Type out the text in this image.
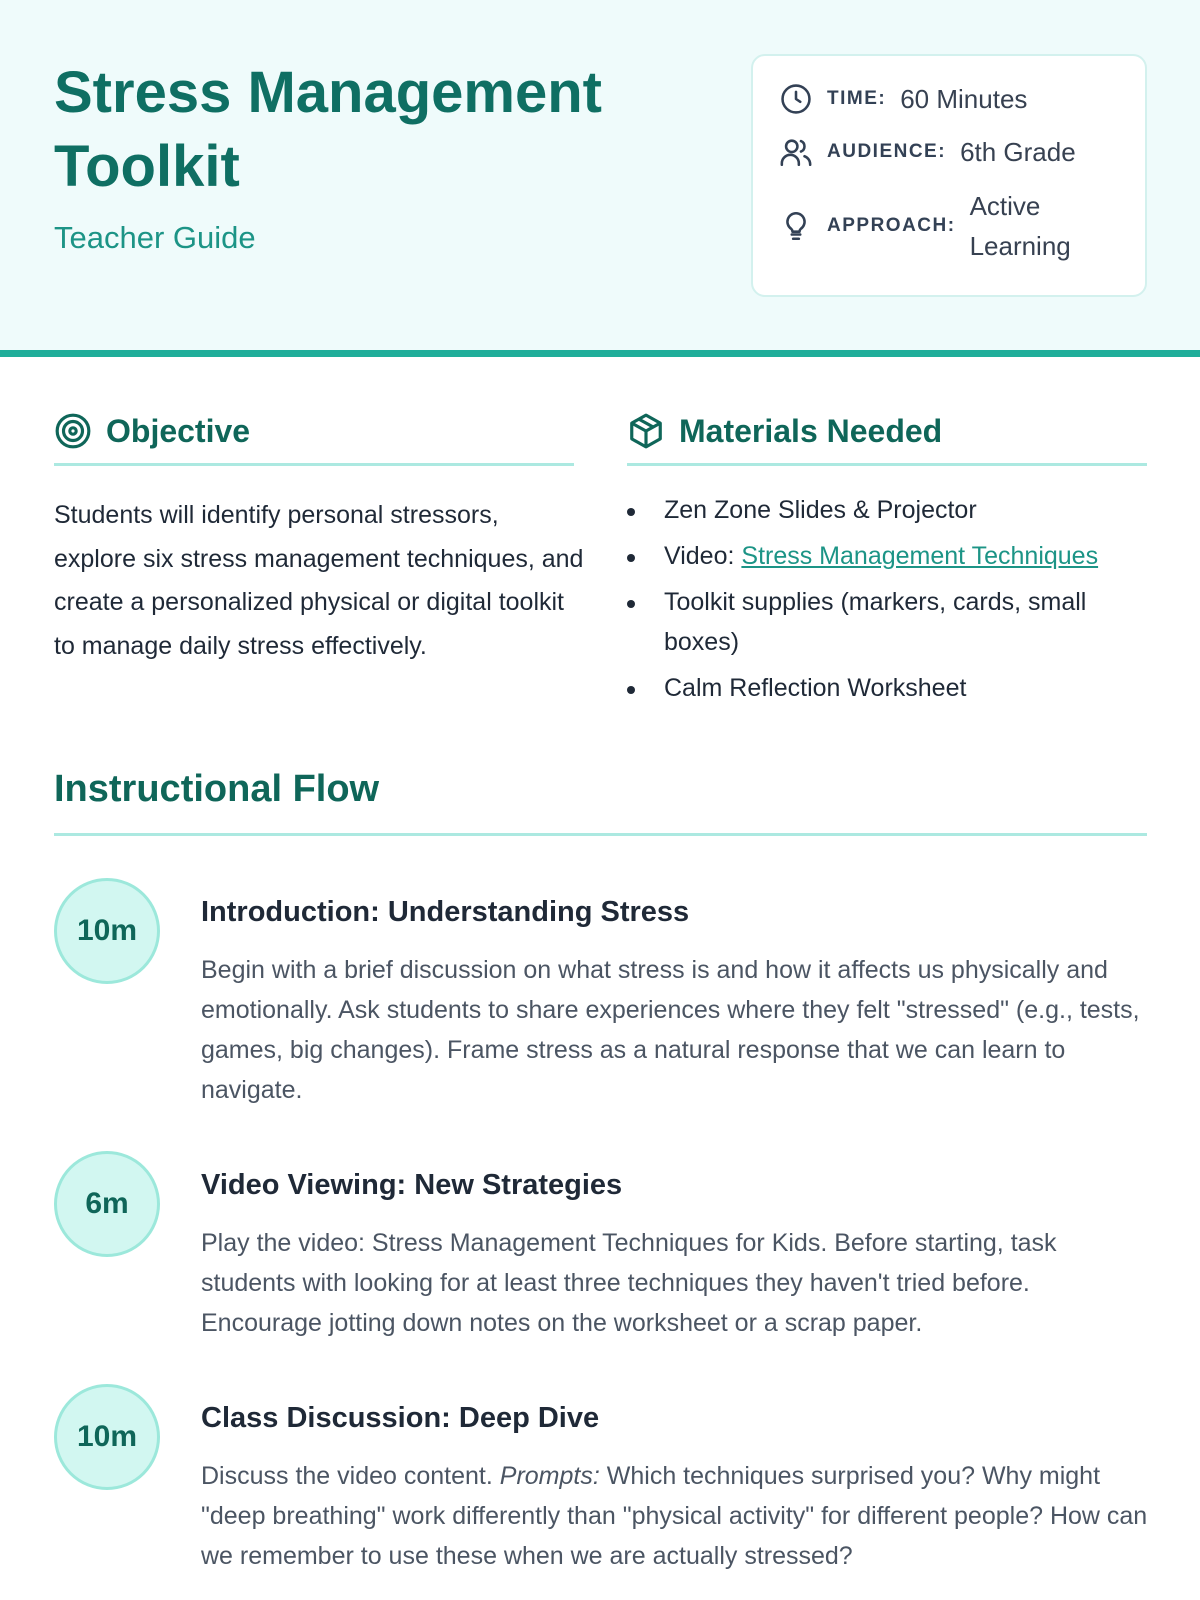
Stress Management Toolkit
Teacher Guide
TIME: 60 Minutes
AUDIENCE: 6th Grade
APPROACH:
Active Learning
Objective

Students will identify personal stressors, explore six stress management techniques, and create a personalized physical or digital toolkit to manage daily stress effectively.

Materials Needed
Zen Zone Slides & Projector
Video: Stress Management Techniques
Toolkit supplies (markers, cards, small boxes)
Calm Reflection Worksheet
Instructional Flow
10m
Introduction: Understanding Stress

Begin with a brief discussion on what stress is and how it affects us physically and emotionally. Ask students to share experiences where they felt "stressed" (e.g., tests, games, big changes). Frame stress as a natural response that we can learn to navigate.

6m
Video Viewing: New Strategies

Play the video: Stress Management Techniques for Kids. Before starting, task students with looking for at least three techniques they haven't tried before. Encourage jotting down notes on the worksheet or a scrap paper.

10m
Class Discussion: Deep Dive

Discuss the video content. Prompts: Which techniques surprised you? Why might "deep breathing" work differently than "physical activity" for different people? How can we remember to use these when we are actually stressed?
